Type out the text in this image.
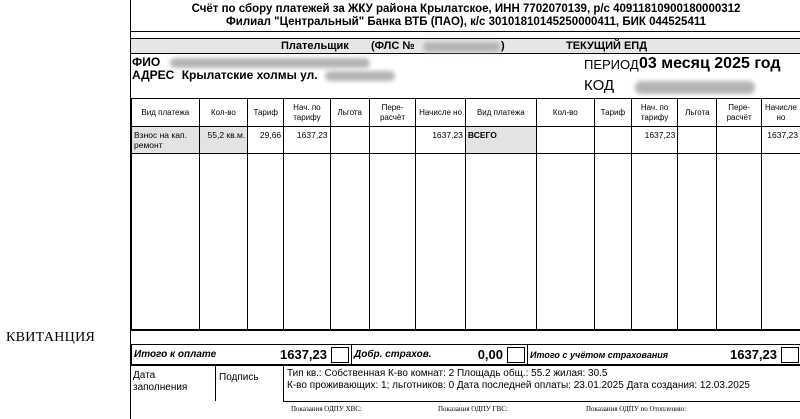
КВИТАНЦИЯ
Счёт по сбору платежей за ЖКУ района Крылатское, ИНН 7702070139, р/с 40911810900180000312
Филиал "Центральный" Банка ВТБ (ПАО), к/с 30101810145250000411, БИК 044525411
Плательщик (ФЛС №	)	ТЕКУЩИЙ ЕПД
ФИО
АДРЕС Крылатские холмы ул.
ПЕРИОД 03 месяц 2025 год
КОД
Вид платежа	Кол-во	Тариф	Нач. по тарифу	Льгота	Пере-расчёт	Начисле но	Вид платежа	Кол-во	Тариф	Нач. по тарифу	Льгота	Пере-расчёт	Начисле но
Взнос на кап. ремонт	55,2 кв.м.	29,66	1637,23			1637,23	ВСЕГО			1637,23			1637,23

Итого к оплате	1637,23	Добр. страхов.	0,00	Итого с учётом страхования	1637,23
Дата заполнения
Подпись	Тип кв.: Собственная К-во комнат: 2 Площадь общ.: 55.2 жилая: 30.5
К-во проживающих: 1; льготников: 0 Дата последней оплаты: 23.01.2025 Дата создания: 12.03.2025
Показания ОДПУ ХВС:	Показания ОДПУ ГВС:	Показания ОДПУ по Отоплению:
